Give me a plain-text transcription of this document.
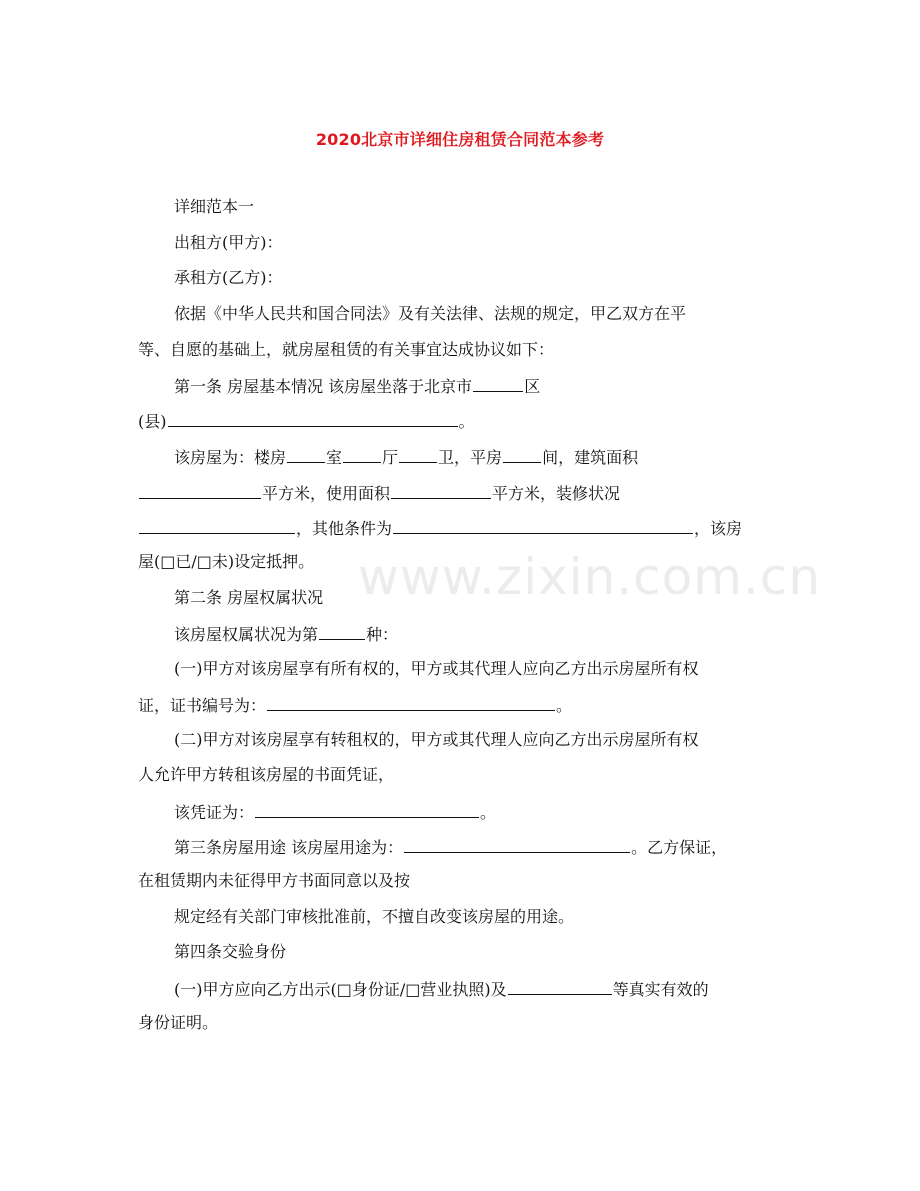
www.zixin.com.cn
2020北京市详细住房租赁合同范本参考
详细范本一
出租方(甲方)：
承租方(乙方)：
依据《中华人民共和国合同法》及有关法律、法规的规定，甲乙双方在平
等、自愿的基础上，就房屋租赁的有关事宜达成协议如下：
第一条 房屋基本情况 该房屋坐落于北京市	区
(县)	。
该房屋为：楼房	室	厅	卫，平房	间，建筑面积
平方米，使用面积	平方米，装修状况
，其他条件为	，该房
屋(□已/□未)设定抵押。
第二条 房屋权属状况
该房屋权属状况为第	种：
(一)甲方对该房屋享有所有权的，甲方或其代理人应向乙方出示房屋所有权
证，证书编号为：	。
(二)甲方对该房屋享有转租权的，甲方或其代理人应向乙方出示房屋所有权
人允许甲方转租该房屋的书面凭证，
该凭证为：	。
第三条房屋用途 该房屋用途为：	。乙方保证，
在租赁期内未征得甲方书面同意以及按
规定经有关部门审核批准前，不擅自改变该房屋的用途。
第四条交验身份
(一)甲方应向乙方出示(□身份证/□营业执照)及	等真实有效的
身份证明。
